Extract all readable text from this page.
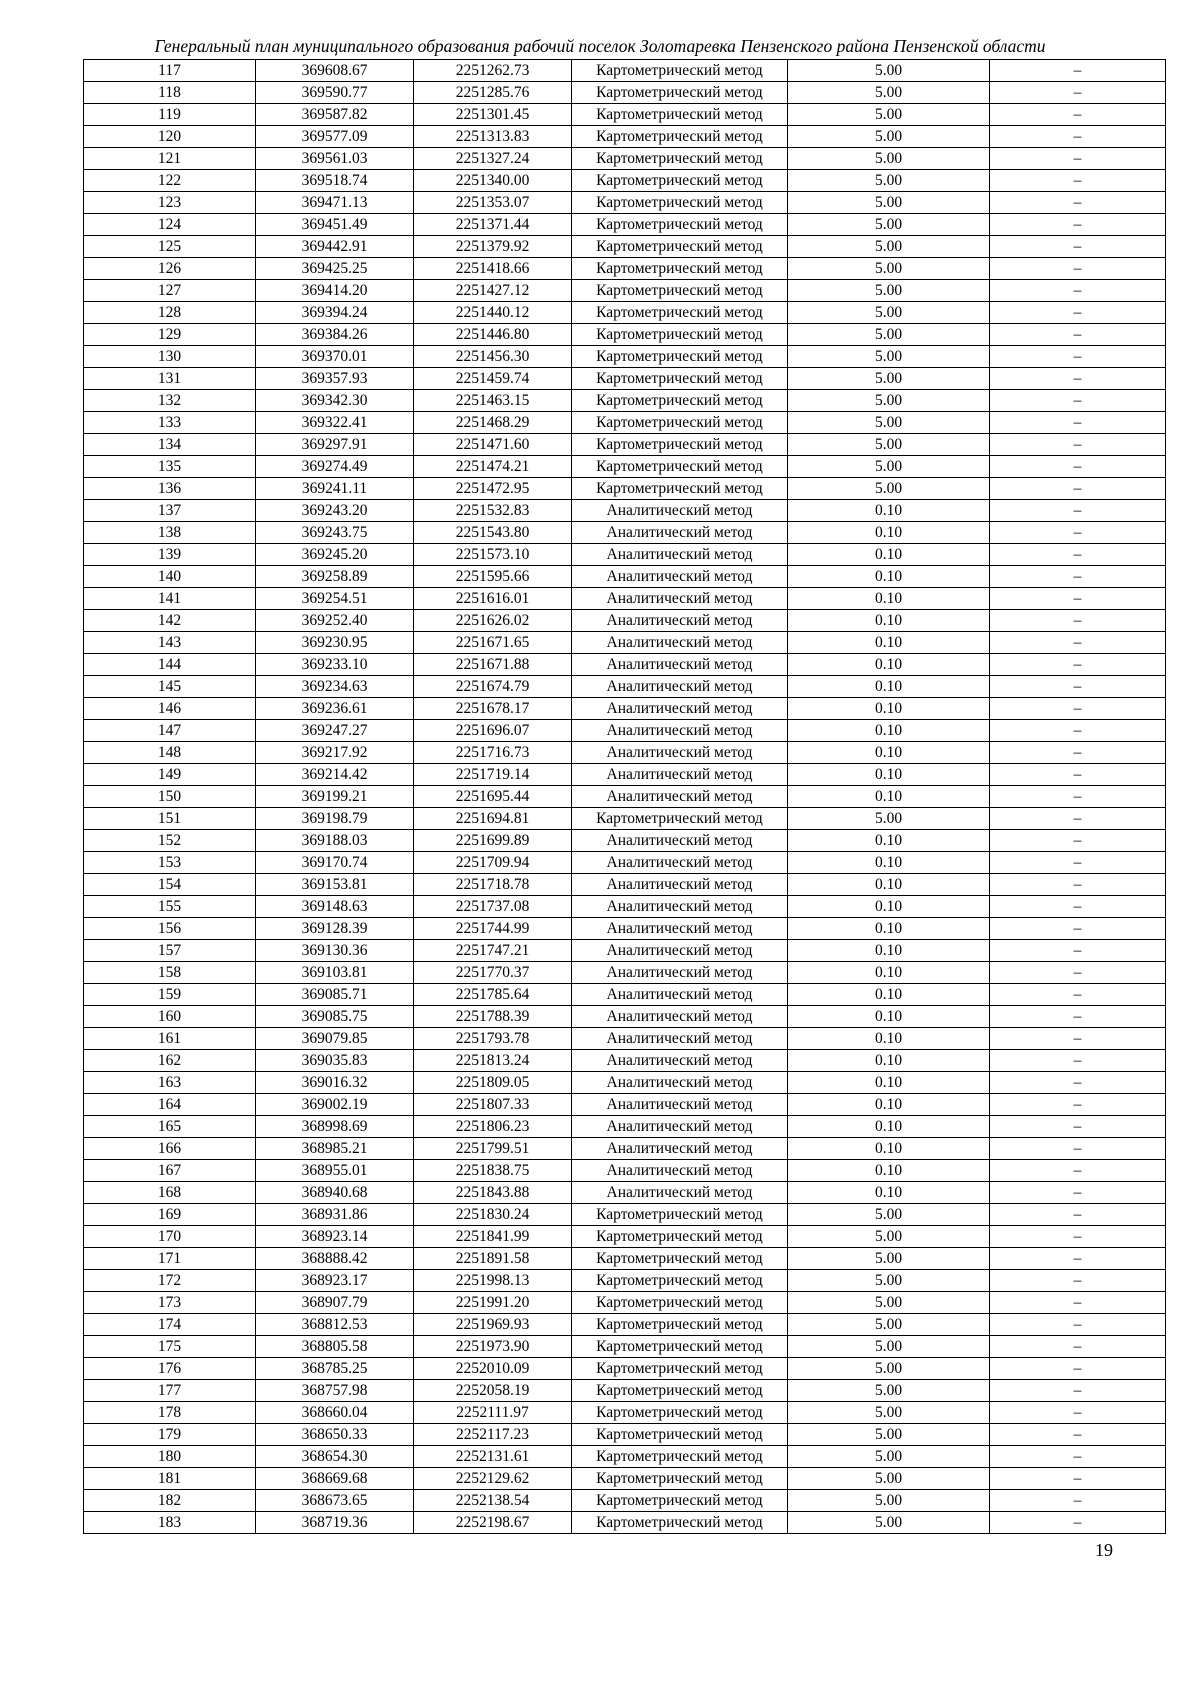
Генеральный план муниципального образования рабочий поселок Золотаревка Пензенского района Пензенской области
117	369608.67	2251262.73	Картометрический метод	5.00	–
118	369590.77	2251285.76	Картометрический метод	5.00	–
119	369587.82	2251301.45	Картометрический метод	5.00	–
120	369577.09	2251313.83	Картометрический метод	5.00	–
121	369561.03	2251327.24	Картометрический метод	5.00	–
122	369518.74	2251340.00	Картометрический метод	5.00	–
123	369471.13	2251353.07	Картометрический метод	5.00	–
124	369451.49	2251371.44	Картометрический метод	5.00	–
125	369442.91	2251379.92	Картометрический метод	5.00	–
126	369425.25	2251418.66	Картометрический метод	5.00	–
127	369414.20	2251427.12	Картометрический метод	5.00	–
128	369394.24	2251440.12	Картометрический метод	5.00	–
129	369384.26	2251446.80	Картометрический метод	5.00	–
130	369370.01	2251456.30	Картометрический метод	5.00	–
131	369357.93	2251459.74	Картометрический метод	5.00	–
132	369342.30	2251463.15	Картометрический метод	5.00	–
133	369322.41	2251468.29	Картометрический метод	5.00	–
134	369297.91	2251471.60	Картометрический метод	5.00	–
135	369274.49	2251474.21	Картометрический метод	5.00	–
136	369241.11	2251472.95	Картометрический метод	5.00	–
137	369243.20	2251532.83	Аналитический метод	0.10	–
138	369243.75	2251543.80	Аналитический метод	0.10	–
139	369245.20	2251573.10	Аналитический метод	0.10	–
140	369258.89	2251595.66	Аналитический метод	0.10	–
141	369254.51	2251616.01	Аналитический метод	0.10	–
142	369252.40	2251626.02	Аналитический метод	0.10	–
143	369230.95	2251671.65	Аналитический метод	0.10	–
144	369233.10	2251671.88	Аналитический метод	0.10	–
145	369234.63	2251674.79	Аналитический метод	0.10	–
146	369236.61	2251678.17	Аналитический метод	0.10	–
147	369247.27	2251696.07	Аналитический метод	0.10	–
148	369217.92	2251716.73	Аналитический метод	0.10	–
149	369214.42	2251719.14	Аналитический метод	0.10	–
150	369199.21	2251695.44	Аналитический метод	0.10	–
151	369198.79	2251694.81	Картометрический метод	5.00	–
152	369188.03	2251699.89	Аналитический метод	0.10	–
153	369170.74	2251709.94	Аналитический метод	0.10	–
154	369153.81	2251718.78	Аналитический метод	0.10	–
155	369148.63	2251737.08	Аналитический метод	0.10	–
156	369128.39	2251744.99	Аналитический метод	0.10	–
157	369130.36	2251747.21	Аналитический метод	0.10	–
158	369103.81	2251770.37	Аналитический метод	0.10	–
159	369085.71	2251785.64	Аналитический метод	0.10	–
160	369085.75	2251788.39	Аналитический метод	0.10	–
161	369079.85	2251793.78	Аналитический метод	0.10	–
162	369035.83	2251813.24	Аналитический метод	0.10	–
163	369016.32	2251809.05	Аналитический метод	0.10	–
164	369002.19	2251807.33	Аналитический метод	0.10	–
165	368998.69	2251806.23	Аналитический метод	0.10	–
166	368985.21	2251799.51	Аналитический метод	0.10	–
167	368955.01	2251838.75	Аналитический метод	0.10	–
168	368940.68	2251843.88	Аналитический метод	0.10	–
169	368931.86	2251830.24	Картометрический метод	5.00	–
170	368923.14	2251841.99	Картометрический метод	5.00	–
171	368888.42	2251891.58	Картометрический метод	5.00	–
172	368923.17	2251998.13	Картометрический метод	5.00	–
173	368907.79	2251991.20	Картометрический метод	5.00	–
174	368812.53	2251969.93	Картометрический метод	5.00	–
175	368805.58	2251973.90	Картометрический метод	5.00	–
176	368785.25	2252010.09	Картометрический метод	5.00	–
177	368757.98	2252058.19	Картометрический метод	5.00	–
178	368660.04	2252111.97	Картометрический метод	5.00	–
179	368650.33	2252117.23	Картометрический метод	5.00	–
180	368654.30	2252131.61	Картометрический метод	5.00	–
181	368669.68	2252129.62	Картометрический метод	5.00	–
182	368673.65	2252138.54	Картометрический метод	5.00	–
183	368719.36	2252198.67	Картометрический метод	5.00	–
19
